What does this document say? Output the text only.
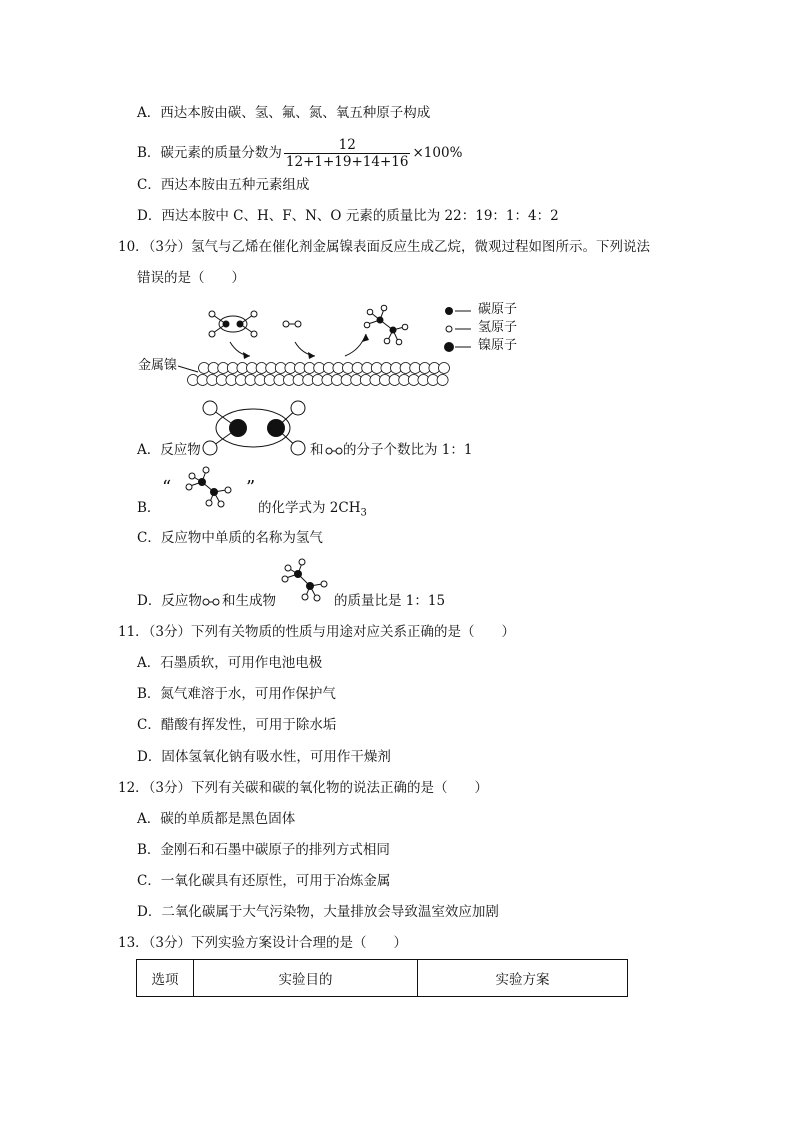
A．西达本胺由碳、氢、氟、氮、氧五种原子构成
B．碳元素的质量分数为 $\frac{12}{12+1+19+14+16} \times 100\%$
C．西达本胺由五种元素组成
D．西达本胺中 C、H、F、N、O 元素的质量比为 22：19：1：4：2
10．（3分）氢气与乙烯在催化剂金属镍表面反应生成乙烷，微观过程如图所示。下列说法
错误的是（　　）
金属镍
碳原子
氢原子
镍原子
A．反应物	和 的分子个数比为 1：1
B．
“	”
的化学式为 $2CH_3$
C．反应物中单质的名称为氢气
D．反应物 和生成物	的质量比是 1：15
11．（3分）下列有关物质的性质与用途对应关系正确的是（　　）
A．石墨质软，可用作电池电极
B．氮气难溶于水，可用作保护气
C．醋酸有挥发性，可用于除水垢
D．固体氢氧化钠有吸水性，可用作干燥剂
12．（3分）下列有关碳和碳的氧化物的说法正确的是（　　）
A．碳的单质都是黑色固体
B．金刚石和石墨中碳原子的排列方式相同
C．一氧化碳具有还原性，可用于冶炼金属
D．二氧化碳属于大气污染物，大量排放会导致温室效应加剧
13．（3分）下列实验方案设计合理的是（　　）
选项	实验目的	实验方案
